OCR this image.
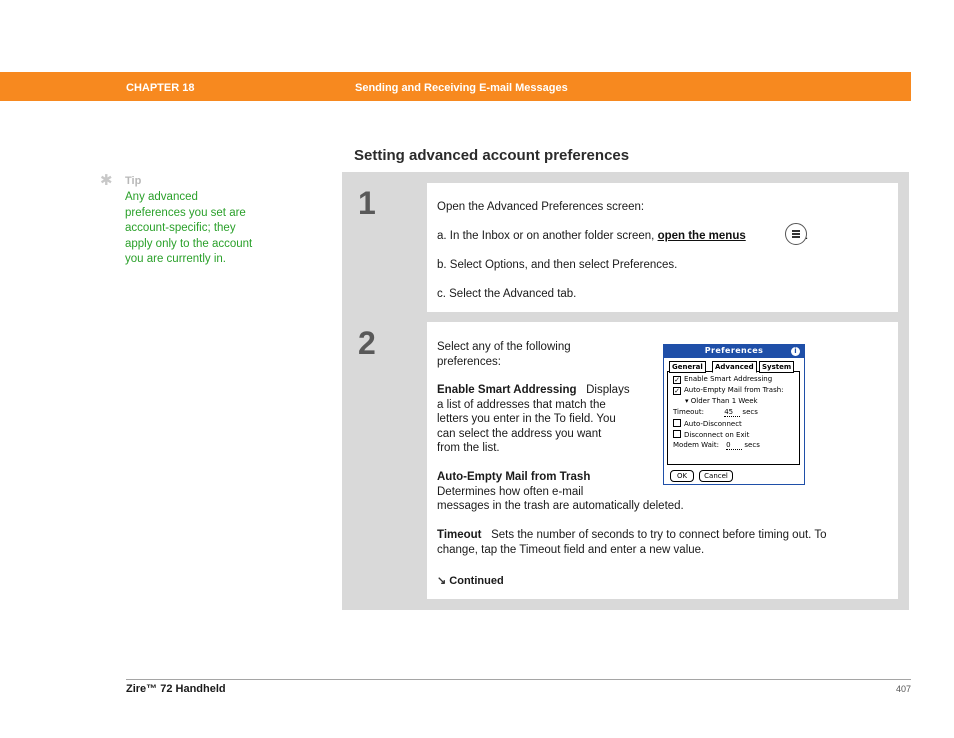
CHAPTER 18	Sending and Receiving E-mail Messages
Setting advanced account preferences
✱ Tip
Any advanced
preferences you set are
account-specific; they
apply only to the account
you are currently in.
1	Open the Advanced Preferences screen:
a. In the Inbox or on another folder screen, open the menus	.
b. Select Options, and then select Preferences.
c. Select the Advanced tab.
2	Select any of the following
preferences:
Enable Smart Addressing Displays
a list of addresses that match the
letters you enter in the To field. You
can select the address you want
from the list.
Auto-Empty Mail from Trash
Determines how often e-mail
messages in the trash are automatically deleted.
Timeout Sets the number of seconds to try to connect before timing out. To
change, tap the Timeout field and enter a new value.
↘ Continued
Preferences	i
General	Advanced	System
✓ Enable Smart Addressing
✓ Auto-Empty Mail from Trash:
▾ Older Than 1 Week
Timeout:	45 secs
Auto-Disconnect
Disconnect on Exit
Modem Wait: 0 secs
OK	Cancel
Zire™ 72 Handheld	407
